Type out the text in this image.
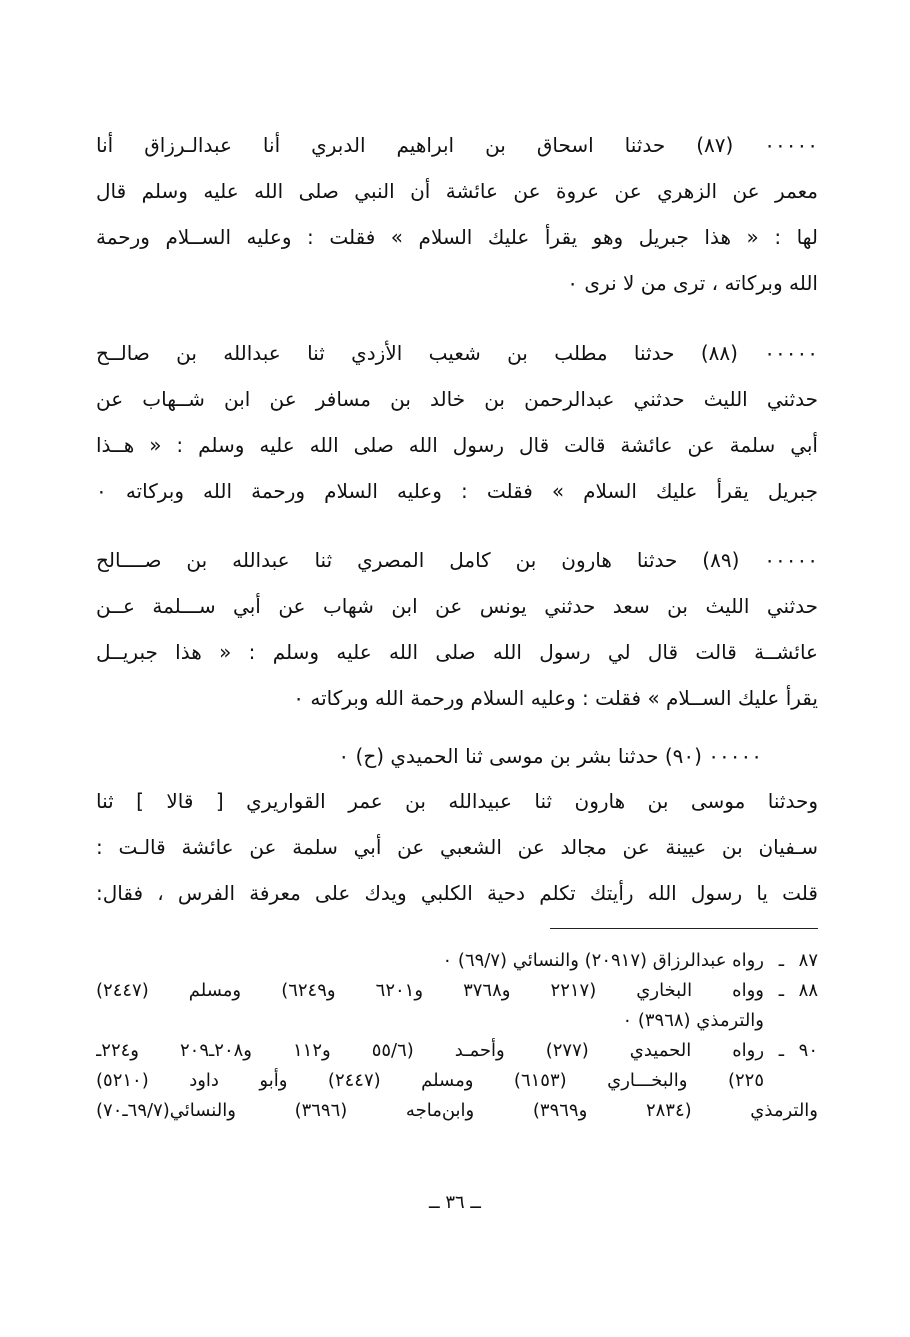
٠٠٠٠٠ (٨٧) حدثنا اسحاق بن ابراهيم الدبري أنا عبدالـرزاق أنا
معمر عن الزهري عن عروة عن عائشة أن النبي صلى الله عليه وسلم قال
لها : « هذا جبريل وهو يقرأ عليك السلام » فقلت : وعليه الســلام ورحمة
الله وبركاته ، ترى من لا نرى ٠
٠٠٠٠٠ (٨٨) حدثنا مطلب بن شعيب الأزدي ثنا عبدالله بن صالــح
حدثني الليث حدثني عبدالرحمن بن خالد بن مسافر عن ابن شــهاب عن
أبي سلمة عن عائشة قالت قال رسول الله صلى الله عليه وسلم : « هــذا
جبريل يقرأ عليك السلام » فقلت : وعليه السلام ورحمة الله وبركاته ٠
٠٠٠٠٠ (٨٩) حدثنا هارون بن كامل المصري ثنا عبدالله بن صــــالح
حدثني الليث بن سعد حدثني يونس عن ابن شهاب عن أبي ســـلمة عــن
عائشــة قالت قال لي رسول الله صلى الله عليه وسلم : « هذا جبريــل
يقرأ عليك الســلام » فقلت : وعليه السلام ورحمة الله وبركاته ٠
٠٠٠٠٠ (٩٠) حدثنا بشر بن موسى ثنا الحميدي (ح) ٠
وحدثنا موسى بن هارون ثنا عبيدالله بن عمر القواريري [ قالا ] ثنا
سـفيان بن عيينة عن مجالد عن الشعبي عن أبي سلمة عن عائشة قالـت :
قلت يا رسول الله رأيتك تكلم دحية الكلبي ويدك على معرفة الفرس ، فقال:
٨٧
ـ
رواه عبدالرزاق (٢٠٩١٧) والنسائي (٦٩/٧) ٠
٨٨
ـ
وواه البخاري (٢٢١٧ و٣٧٦٨ و٦٢٠١ و٦٢٤٩) ومسلم (٢٤٤٧)
والترمذي (٣٩٦٨) ٠
٩٠
ـ
رواه الحميدي (٢٧٧) وأحمـد (٥٥/٦ و١١٢ و٢٠٨ـ٢٠٩ و٢٢٤ـ
٢٢٥) والبخـــاري (٦١٥٣) ومسلم (٢٤٤٧) وأبو داود (٥٢١٠)
والترمذي (٢٨٣٤ و٣٩٦٩) وابن‌ماجه (٣٦٩٦) والنسائي(٦٩/٧ـ٧٠)
ــ ٣٦ ــ
